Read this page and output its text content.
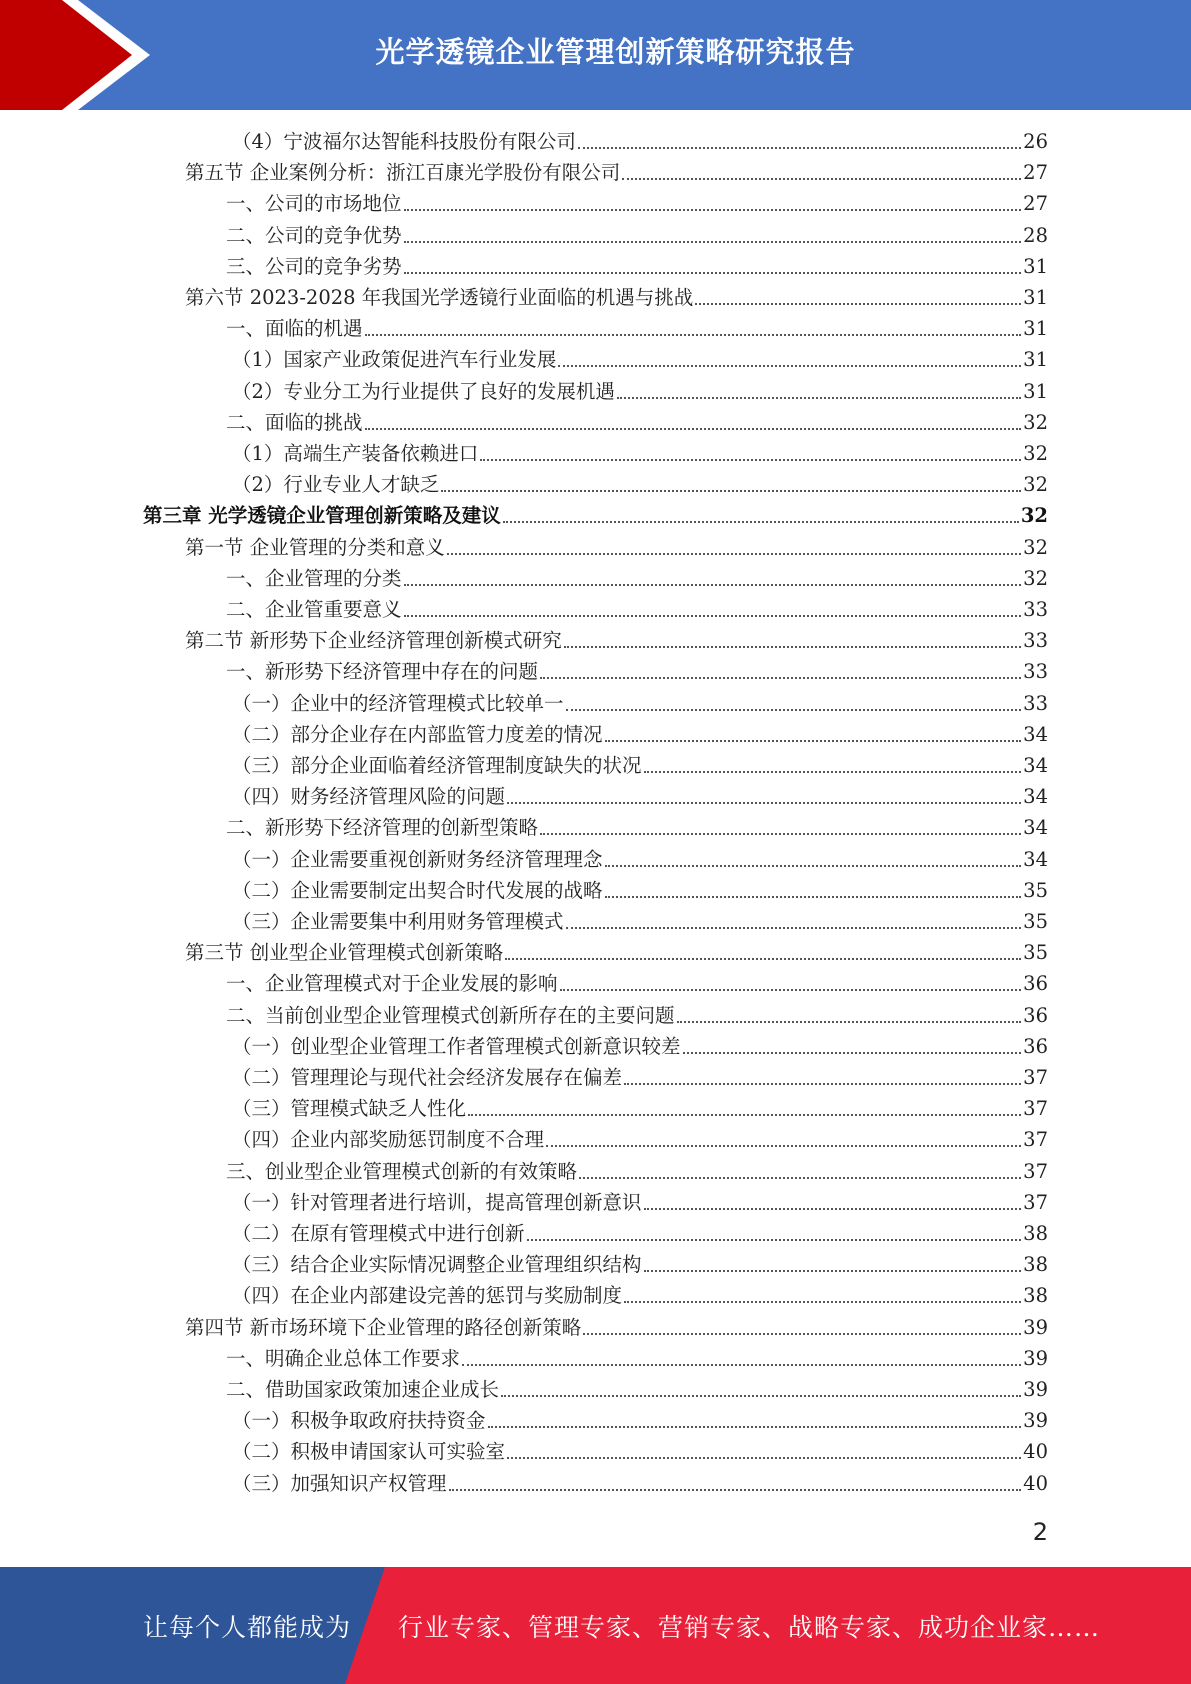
光学透镜企业管理创新策略研究报告
（4）宁波福尔达智能科技股份有限公司	26
第五节 企业案例分析：浙江百康光学股份有限公司	27
一、公司的市场地位	27
二、公司的竞争优势	28
三、公司的竞争劣势	31
第六节 2023-2028 年我国光学透镜行业面临的机遇与挑战	31
一、面临的机遇	31
（1）国家产业政策促进汽车行业发展	31
（2）专业分工为行业提供了良好的发展机遇	31
二、面临的挑战	32
（1）高端生产装备依赖进口	32
（2）行业专业人才缺乏	32
第三章 光学透镜企业管理创新策略及建议	32
第一节 企业管理的分类和意义	32
一、企业管理的分类	32
二、企业管重要意义	33
第二节 新形势下企业经济管理创新模式研究	33
一、新形势下经济管理中存在的问题	33
（一）企业中的经济管理模式比较单一	33
（二）部分企业存在内部监管力度差的情况	34
（三）部分企业面临着经济管理制度缺失的状况	34
（四）财务经济管理风险的问题	34
二、新形势下经济管理的创新型策略	34
（一）企业需要重视创新财务经济管理理念	34
（二）企业需要制定出契合时代发展的战略	35
（三）企业需要集中利用财务管理模式	35
第三节 创业型企业管理模式创新策略	35
一、企业管理模式对于企业发展的影响	36
二、当前创业型企业管理模式创新所存在的主要问题	36
（一）创业型企业管理工作者管理模式创新意识较差	36
（二）管理理论与现代社会经济发展存在偏差	37
（三）管理模式缺乏人性化	37
（四）企业内部奖励惩罚制度不合理	37
三、创业型企业管理模式创新的有效策略	37
（一）针对管理者进行培训，提高管理创新意识	37
（二）在原有管理模式中进行创新	38
（三）结合企业实际情况调整企业管理组织结构	38
（四）在企业内部建设完善的惩罚与奖励制度	38
第四节 新市场环境下企业管理的路径创新策略	39
一、明确企业总体工作要求	39
二、借助国家政策加速企业成长	39
（一）积极争取政府扶持资金	39
（二）积极申请国家认可实验室	40
（三）加强知识产权管理	40
2
让每个人都能成为 行业专家、管理专家、营销专家、战略专家、成功企业家……
